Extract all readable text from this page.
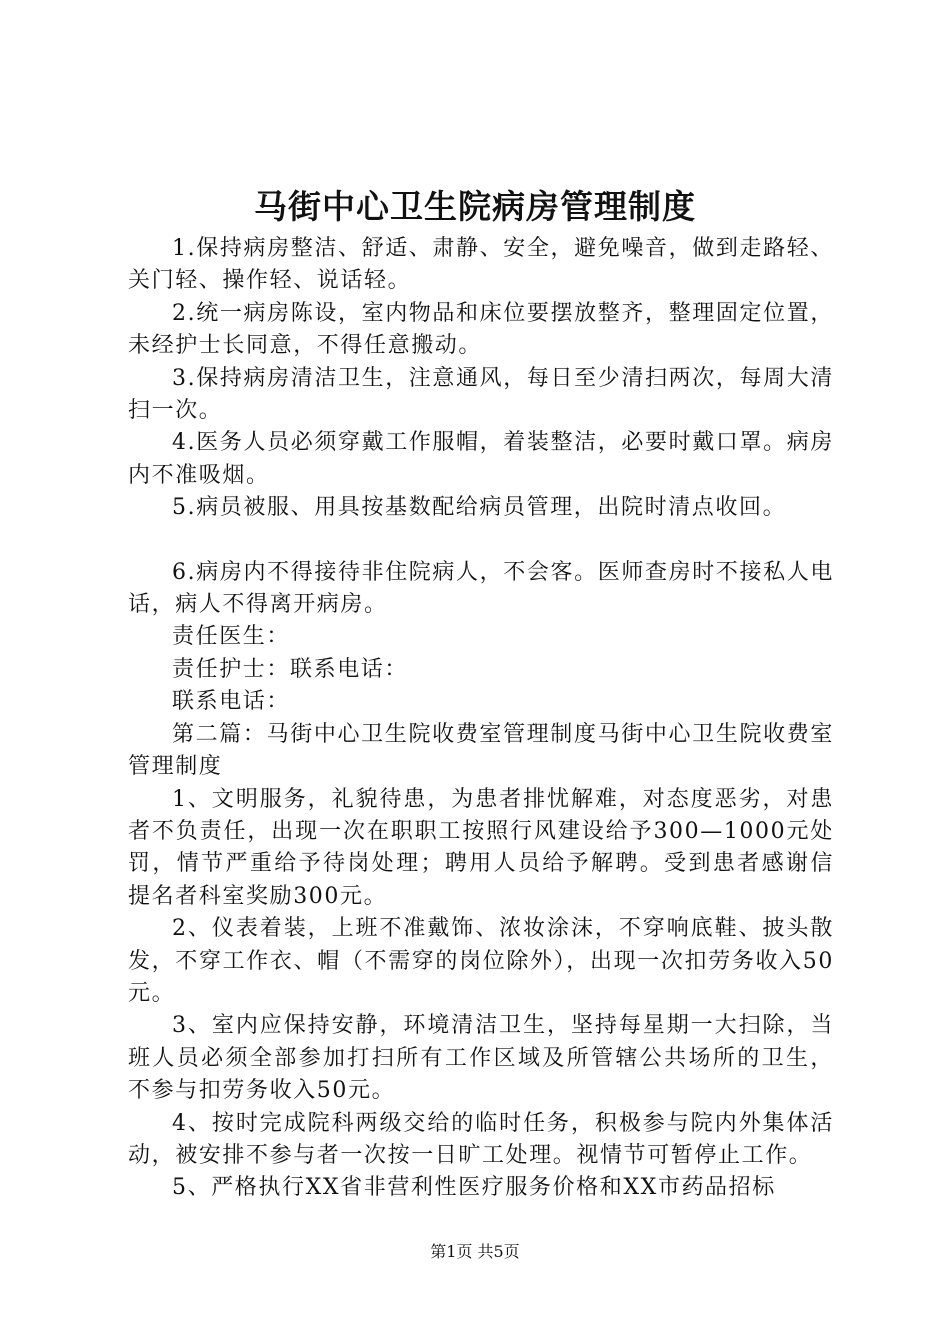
马街中心卫生院病房管理制度

1.保持病房整洁、舒适、肃静、安全，避免噪音，做到走路轻、关门轻、操作轻、说话轻。

2.统一病房陈设，室内物品和床位要摆放整齐，整理固定位置，未经护士长同意，不得任意搬动。

3.保持病房清洁卫生，注意通风，每日至少清扫两次，每周大清扫一次。

4.医务人员必须穿戴工作服帽，着装整洁，必要时戴口罩。病房内不准吸烟。

5.病员被服、用具按基数配给病员管理，出院时清点收回。

6.病房内不得接待非住院病人，不会客。医师查房时不接私人电话，病人不得离开病房。

责任医生：

责任护士：联系电话：

联系电话：

第二篇：马街中心卫生院收费室管理制度马街中心卫生院收费室管理制度

1、文明服务，礼貌待患，为患者排忧解难，对态度恶劣，对患者不负责任，出现一次在职职工按照行风建设给予300—1000元处罚，情节严重给予待岗处理；聘用人员给予解聘。受到患者感谢信提名者科室奖励300元。

2、仪表着装，上班不准戴饰、浓妆涂沫，不穿响底鞋、披头散发，不穿工作衣、帽（不需穿的岗位除外），出现一次扣劳务收入50元。

3、室内应保持安静，环境清洁卫生，坚持每星期一大扫除，当班人员必须全部参加打扫所有工作区域及所管辖公共场所的卫生，不参与扣劳务收入50元。

4、按时完成院科两级交给的临时任务，积极参与院内外集体活动，被安排不参与者一次按一日旷工处理。视情节可暂停止工作。

5、严格执行XX省非营利性医疗服务价格和XX市药品招标

第1页 共5页
